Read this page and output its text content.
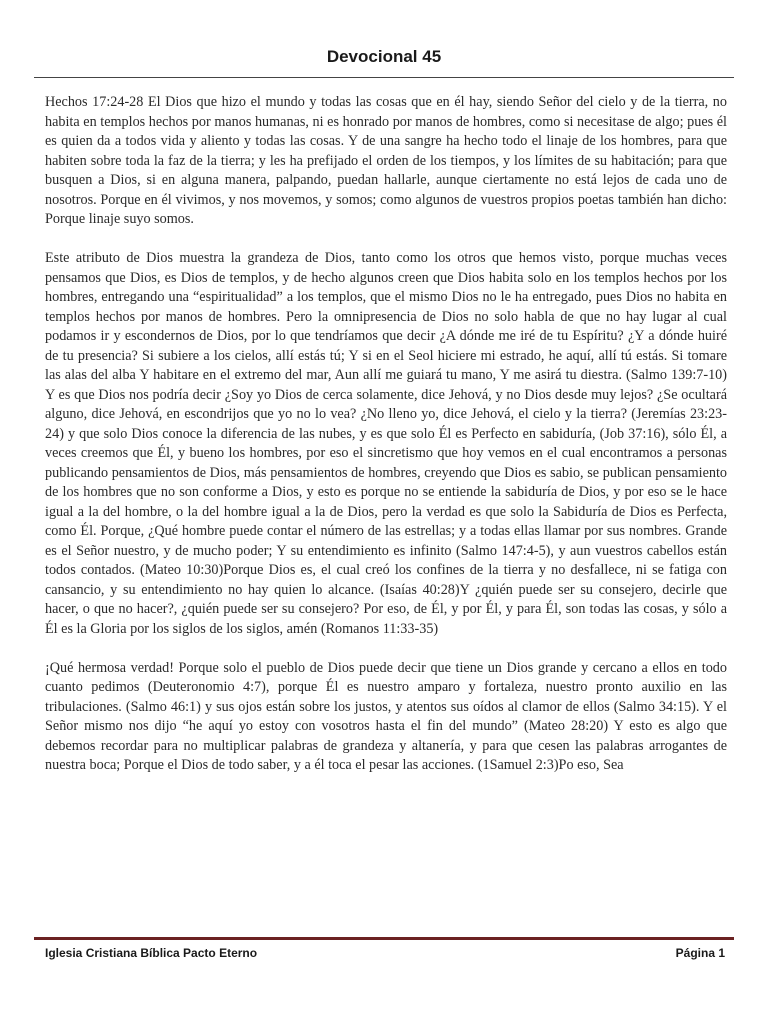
Devocional 45

Hechos 17:24-28 El Dios que hizo el mundo y todas las cosas que en él hay, siendo Señor del cielo y de la tierra, no habita en templos hechos por manos humanas, ni es honrado por manos de hombres, como si necesitase de algo; pues él es quien da a todos vida y aliento y todas las cosas. Y de una sangre ha hecho todo el linaje de los hombres, para que habiten sobre toda la faz de la tierra; y les ha prefijado el orden de los tiempos, y los límites de su habitación; para que busquen a Dios, si en alguna manera, palpando, puedan hallarle, aunque ciertamente no está lejos de cada uno de nosotros. Porque en él vivimos, y nos movemos, y somos; como algunos de vuestros propios poetas también han dicho: Porque linaje suyo somos.

Este atributo de Dios muestra la grandeza de Dios, tanto como los otros que hemos visto, porque muchas veces pensamos que Dios, es Dios de templos, y de hecho algunos creen que Dios habita solo en los templos hechos por los hombres, entregando una “espiritualidad” a los templos, que el mismo Dios no le ha entregado, pues Dios no habita en templos hechos por manos de hombres. Pero la omnipresencia de Dios no solo habla de que no hay lugar al cual podamos ir y escondernos de Dios, por lo que tendríamos que decir ¿A dónde me iré de tu Espíritu? ¿Y a dónde huiré de tu presencia? Si subiere a los cielos, allí estás tú; Y si en el Seol hiciere mi estrado, he aquí, allí tú estás. Si tomare las alas del alba Y habitare en el extremo del mar, Aun allí me guiará tu mano, Y me asirá tu diestra. (Salmo 139:7-10) Y es que Dios nos podría decir ¿Soy yo Dios de cerca solamente, dice Jehová, y no Dios desde muy lejos? ¿Se ocultará alguno, dice Jehová, en escondrijos que yo no lo vea? ¿No lleno yo, dice Jehová, el cielo y la tierra? (Jeremías 23:23-24) y que solo Dios conoce la diferencia de las nubes, y es que solo Él es Perfecto en sabiduría, (Job 37:16), sólo Él, a veces creemos que Él, y bueno los hombres, por eso el sincretismo que hoy vemos en el cual encontramos a personas publicando pensamientos de Dios, más pensamientos de hombres, creyendo que Dios es sabio, se publican pensamiento de los hombres que no son conforme a Dios, y esto es porque no se entiende la sabiduría de Dios, y por eso se le hace igual a la del hombre, o la del hombre igual a la de Dios, pero la verdad es que solo la Sabiduría de Dios es Perfecta, como Él. Porque, ¿Qué hombre puede contar el número de las estrellas; y a todas ellas llamar por sus nombres. Grande es el Señor nuestro, y de mucho poder; Y su entendimiento es infinito (Salmo 147:4-5), y aun vuestros cabellos están todos contados. (Mateo 10:30)Porque Dios es, el cual creó los confines de la tierra y no desfallece, ni se fatiga con cansancio, y su entendimiento no hay quien lo alcance. (Isaías 40:28)Y ¿quién puede ser su consejero, decirle que hacer, o que no hacer?, ¿quién puede ser su consejero? Por eso, de Él, y por Él, y para Él, son todas las cosas, y sólo a Él es la Gloria por los siglos de los siglos, amén (Romanos 11:33-35)

¡Qué hermosa verdad! Porque solo el pueblo de Dios puede decir que tiene un Dios grande y cercano a ellos en todo cuanto pedimos (Deuteronomio 4:7), porque Él es nuestro amparo y fortaleza, nuestro pronto auxilio en las tribulaciones. (Salmo 46:1) y sus ojos están sobre los justos, y atentos sus oídos al clamor de ellos (Salmo 34:15). Y el Señor mismo nos dijo “he aquí yo estoy con vosotros hasta el fin del mundo” (Mateo 28:20) Y esto es algo que debemos recordar para no multiplicar palabras de grandeza y altanería, y para que cesen las palabras arrogantes de nuestra boca; Porque el Dios de todo saber, y a él toca el pesar las acciones. (1Samuel 2:3)Po eso, Sea

Iglesia Cristiana Bíblica Pacto Eterno	Página 1
